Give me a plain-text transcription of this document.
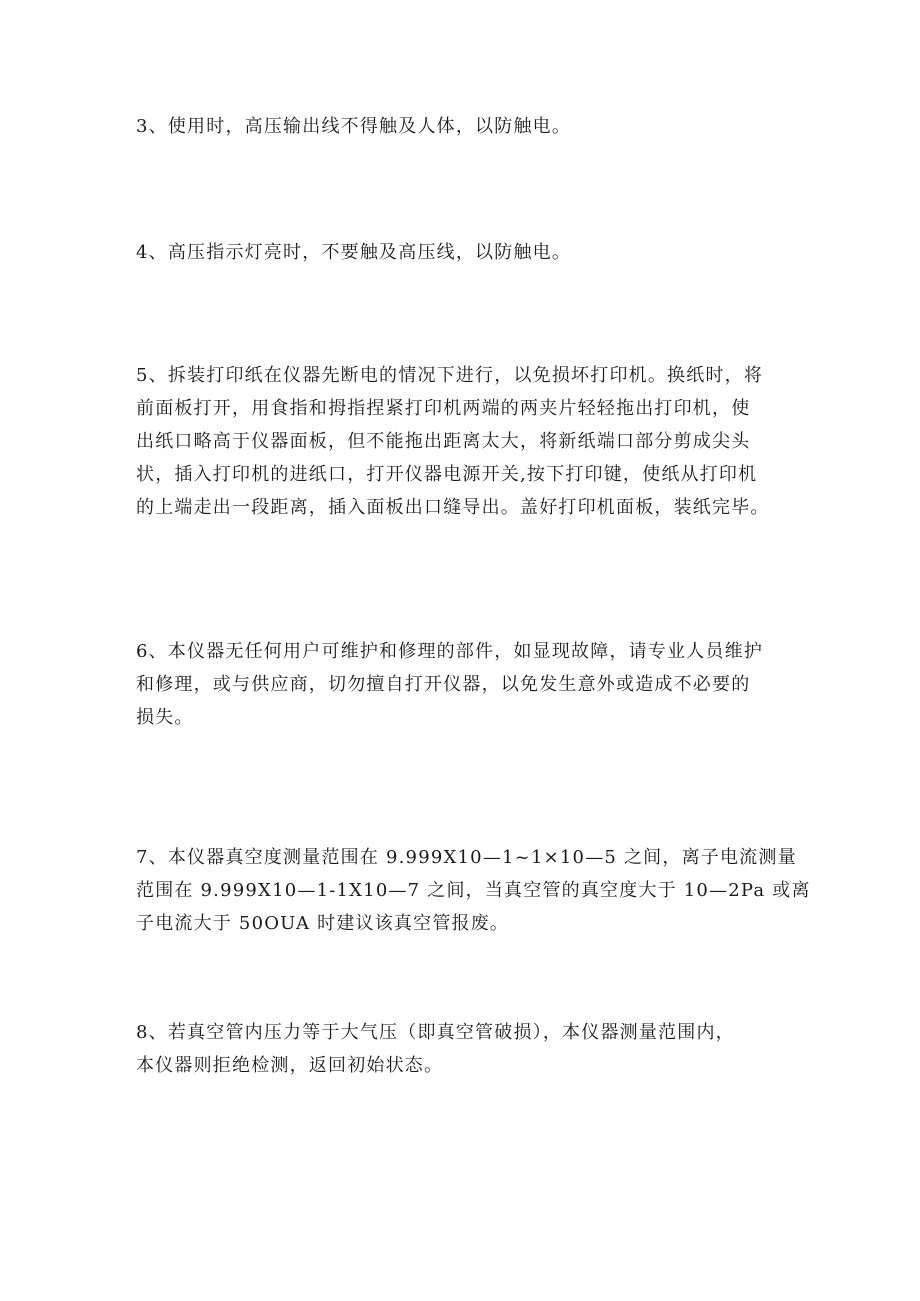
3、使用时，高压输出线不得触及人体，以防触电。

4、高压指示灯亮时，不要触及高压线，以防触电。

5、拆装打印纸在仪器先断电的情况下进行，以免损坏打印机。换纸时，将
前面板打开，用食指和拇指捏紧打印机两端的两夹片轻轻拖出打印机，使
出纸口略高于仪器面板，但不能拖出距离太大，将新纸端口部分剪成尖头
状，插入打印机的进纸口，打开仪器电源开关,按下打印键，使纸从打印机
的上端走出一段距离，插入面板出口缝导出。盖好打印机面板，装纸完毕。

6、本仪器无任何用户可维护和修理的部件，如显现故障，请专业人员维护
和修理，或与供应商，切勿擅自打开仪器，以免发生意外或造成不必要的
损失。

7、本仪器真空度测量范围在 9.999X10—1~1×10—5 之间，离子电流测量
范围在 9.999X10—1-1X10—7 之间，当真空管的真空度大于 10—2Pa 或离
子电流大于 50OUA 时建议该真空管报废。

8、若真空管内压力等于大气压（即真空管破损），本仪器测量范围内，
本仪器则拒绝检测，返回初始状态。
